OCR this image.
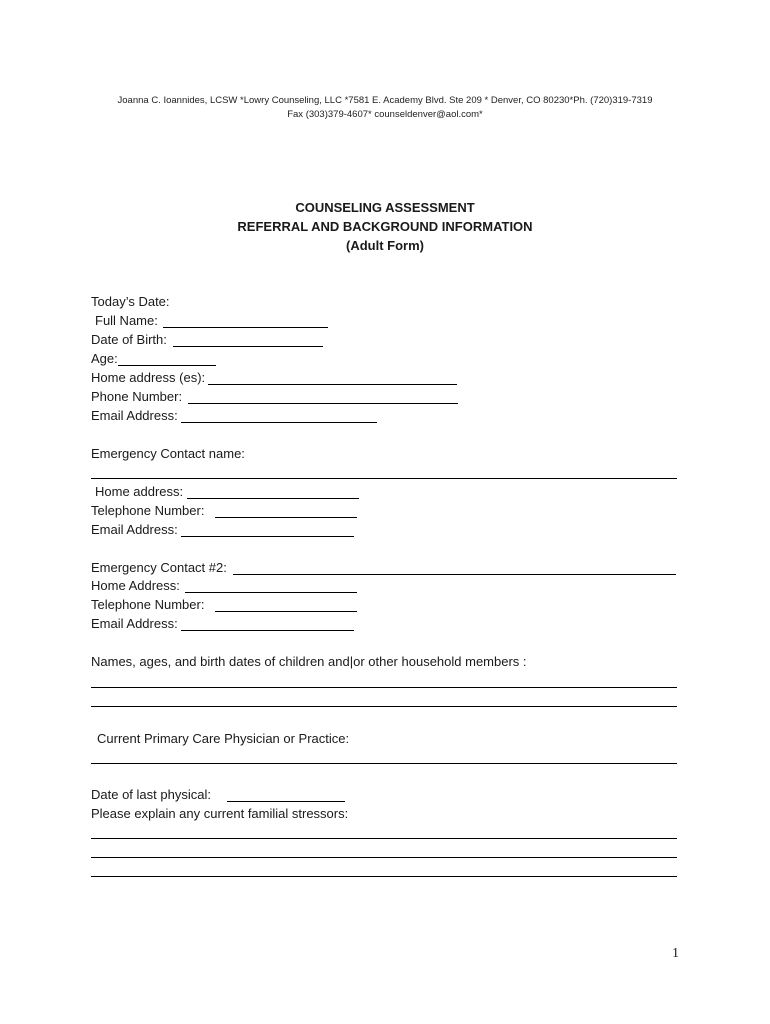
Joanna C. Ioannides, LCSW *Lowry Counseling, LLC *7581 E. Academy Blvd. Ste 209 * Denver, CO 80230*Ph. (720)319-7319
Fax (303)379-4607* counseldenver@aol.com*
COUNSELING ASSESSMENT
REFERRAL AND BACKGROUND INFORMATION
(Adult Form)
Today’s Date:
Full Name:
Date of Birth:
Age:
Home address (es):
Phone Number:
Email Address:
Emergency Contact name:
Home address:
Telephone Number:
Email Address:
Emergency Contact #2:
Home Address:
Telephone Number:
Email Address:
Names, ages, and birth dates of children and|or other household members :
Current Primary Care Physician or Practice:
Date of last physical:
Please explain any current familial stressors:
1
